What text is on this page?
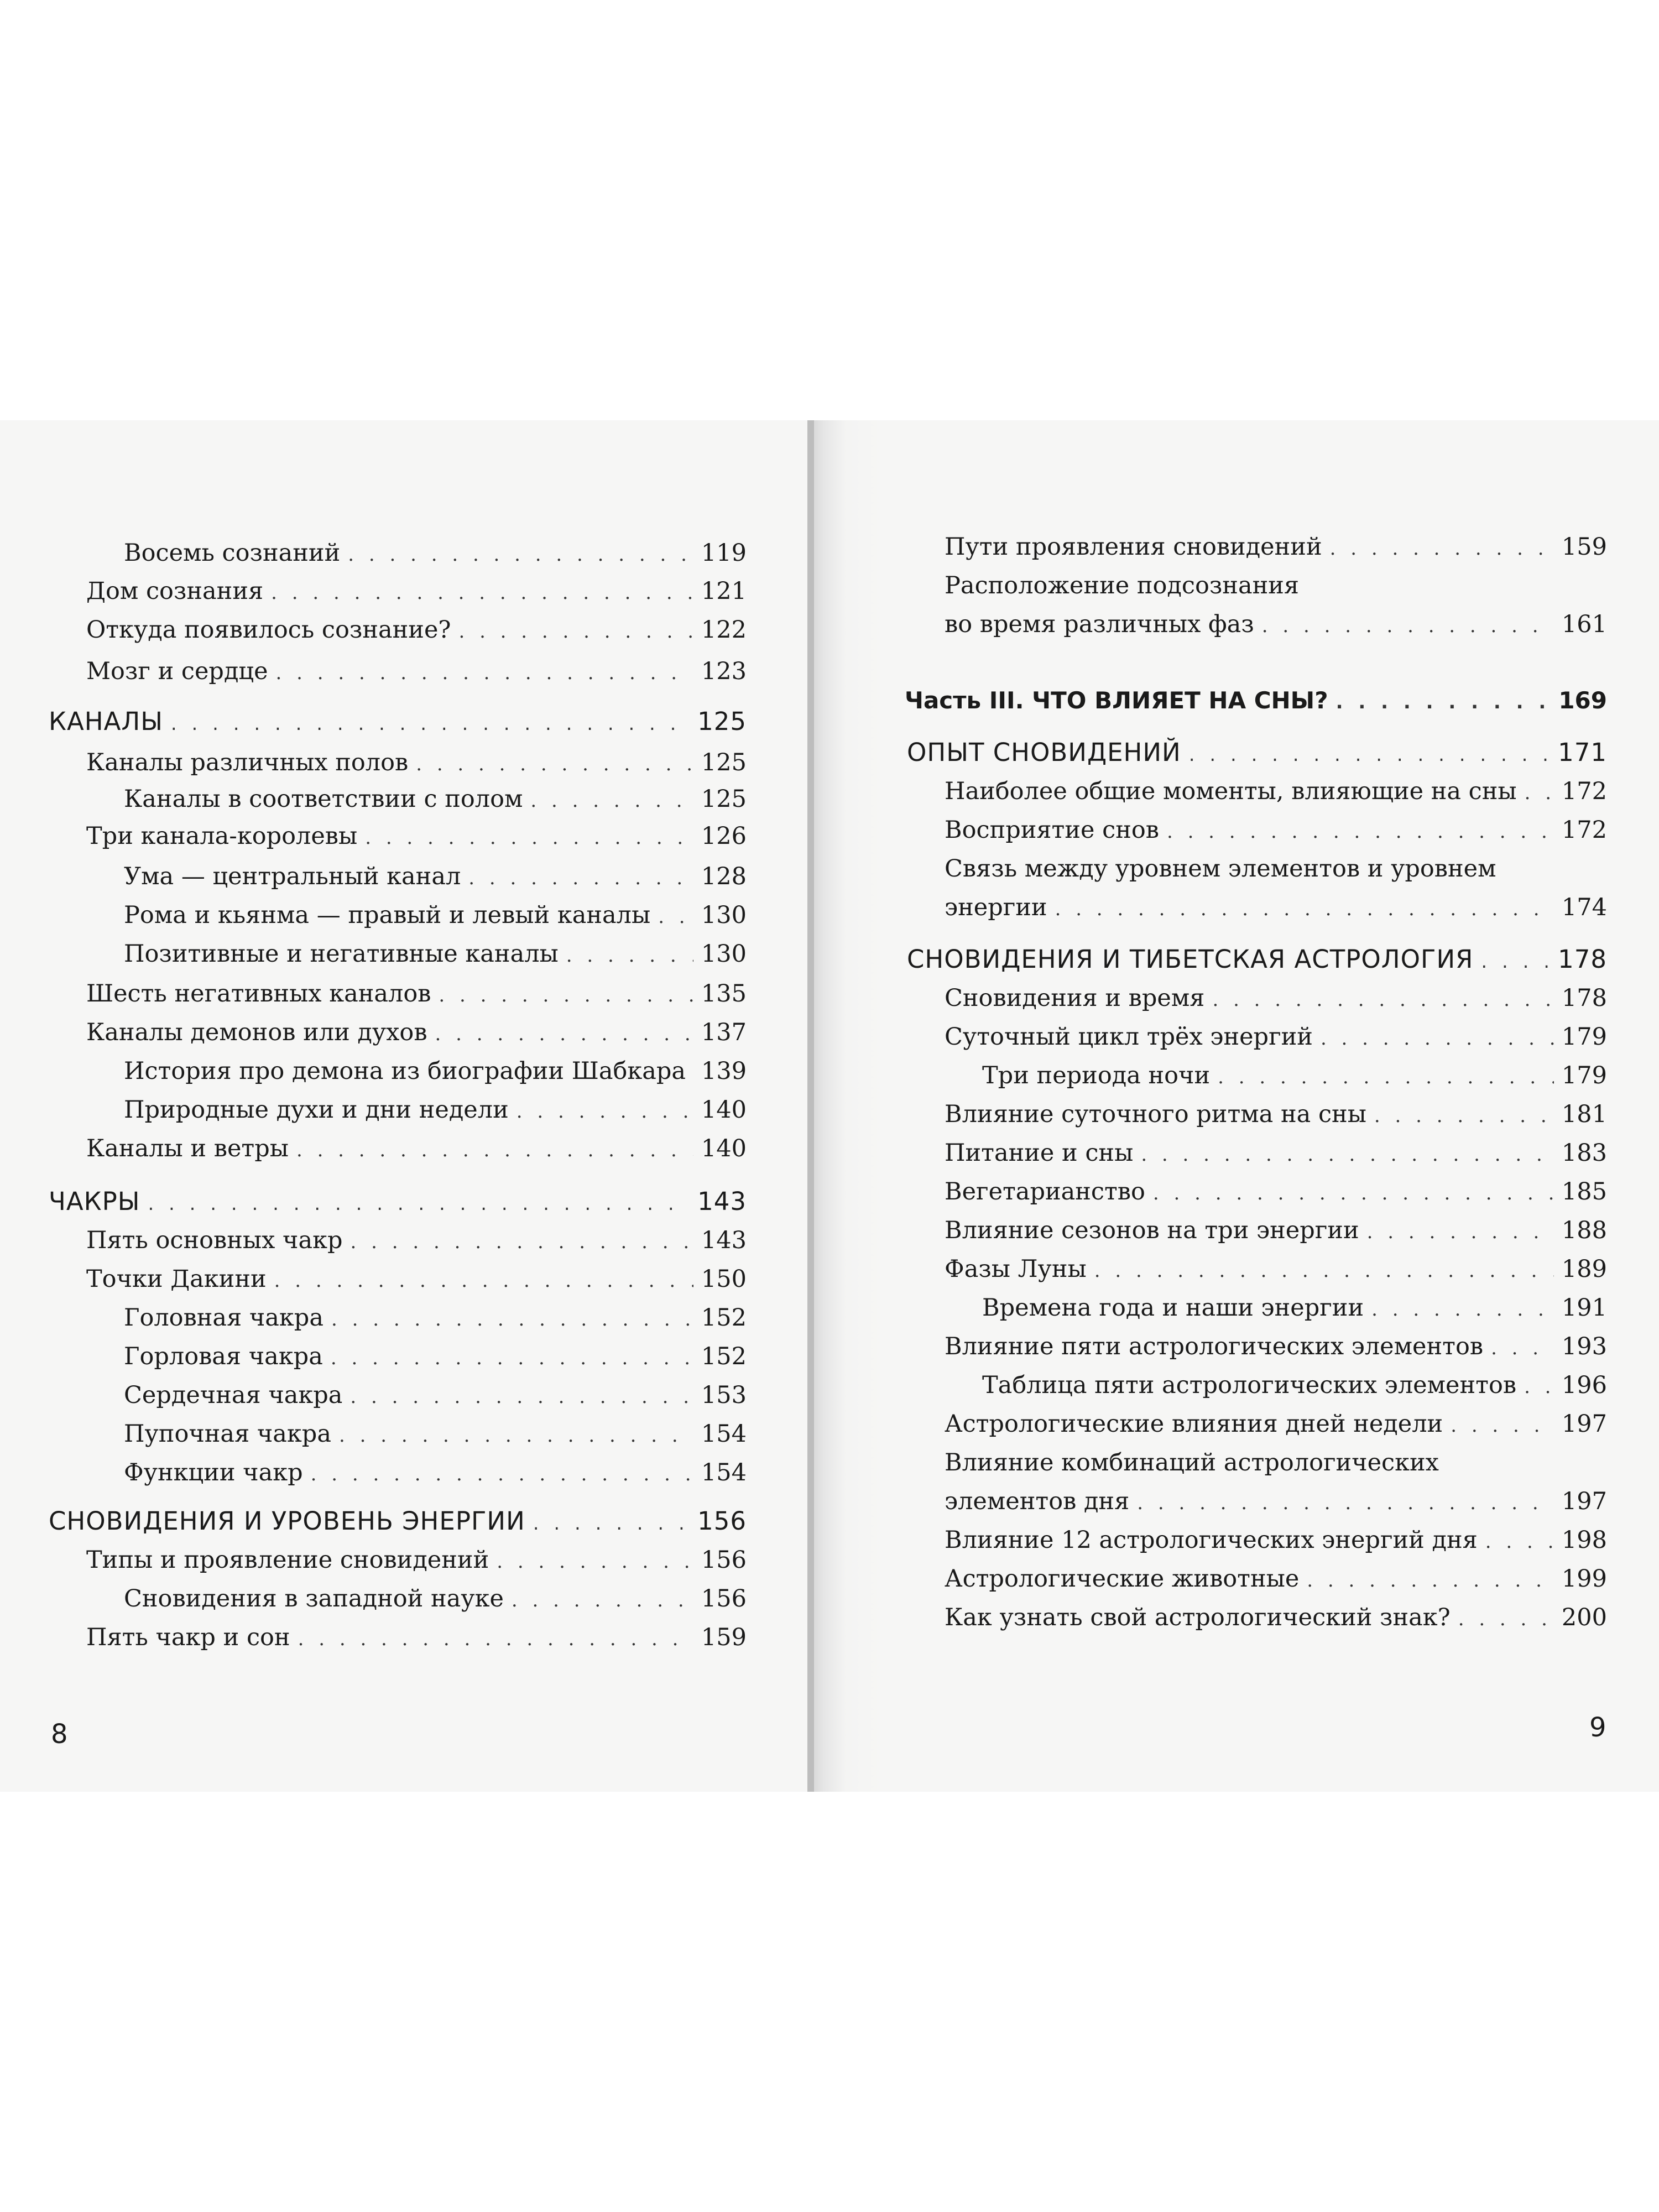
Восемь сознаний . . .	119
Дом сознания . . .	121
Откуда появилось сознание? . . .	122
Мозг и сердце . . .	123
КАНАЛЫ . . .	125
Каналы различных полов . . .	125
Каналы в соответствии с полом . . .	125
Три канала-королевы . . .	126
Ума — центральный канал . . .	128
Рома и кьянма — правый и левый каналы . . . 130
Позитивные и негативные каналы . . .	130
Шесть негативных каналов . . .	135
Каналы демонов или духов . . .	137
История про демона из биографии Шабкара 139
Природные духи и дни недели . . .	140
Каналы и ветры . . .	140
ЧАКРЫ . . .	143
Пять основных чакр . . .	143
Точки Дакини . . .	150
Головная чакра . . .	152
Горловая чакра . . .	152
Сердечная чакра . . .	153
Пупочная чакра . . .	154
Функции чакр . . .	154
СНОВИДЕНИЯ И УРОВЕНЬ ЭНЕРГИИ . . .	156
Типы и проявление сновидений . . .	156
Сновидения в западной науке . . .	156
Пять чакр и сон . . .	159
Пути проявления сновидений . . .	159
Расположение подсознания
во время различных фаз . . .	161
Часть III. ЧТО ВЛИЯЕТ НА СНЫ? . . .	169
ОПЫТ СНОВИДЕНИЙ . . .	171
Наиболее общие моменты, влияющие на сны . . . 172
Восприятие снов . . .	172
Связь между уровнем элементов и уровнем
энергии . . .	174
СНОВИДЕНИЯ И ТИБЕТСКАЯ АСТРОЛОГИЯ . . .	178
Сновидения и время . . .	178
Суточный цикл трёх энергий . . .	179
Три периода ночи . . .	179
Влияние суточного ритма на сны . . .	181
Питание и сны . . .	183
Вегетарианство . . .	185
Влияние сезонов на три энергии . . .	188
Фазы Луны . . .	189
Времена года и наши энергии . . .	191
Влияние пяти астрологических элементов . . .	193
Таблица пяти астрологических элементов . . . 196
Астрологические влияния дней недели . . .	197
Влияние комбинаций астрологических
элементов дня . . .	197
Влияние 12 астрологических энергий дня . . .	198
Астрологические животные . . .	199
Как узнать свой астрологический знак? . . .	200
8	9
